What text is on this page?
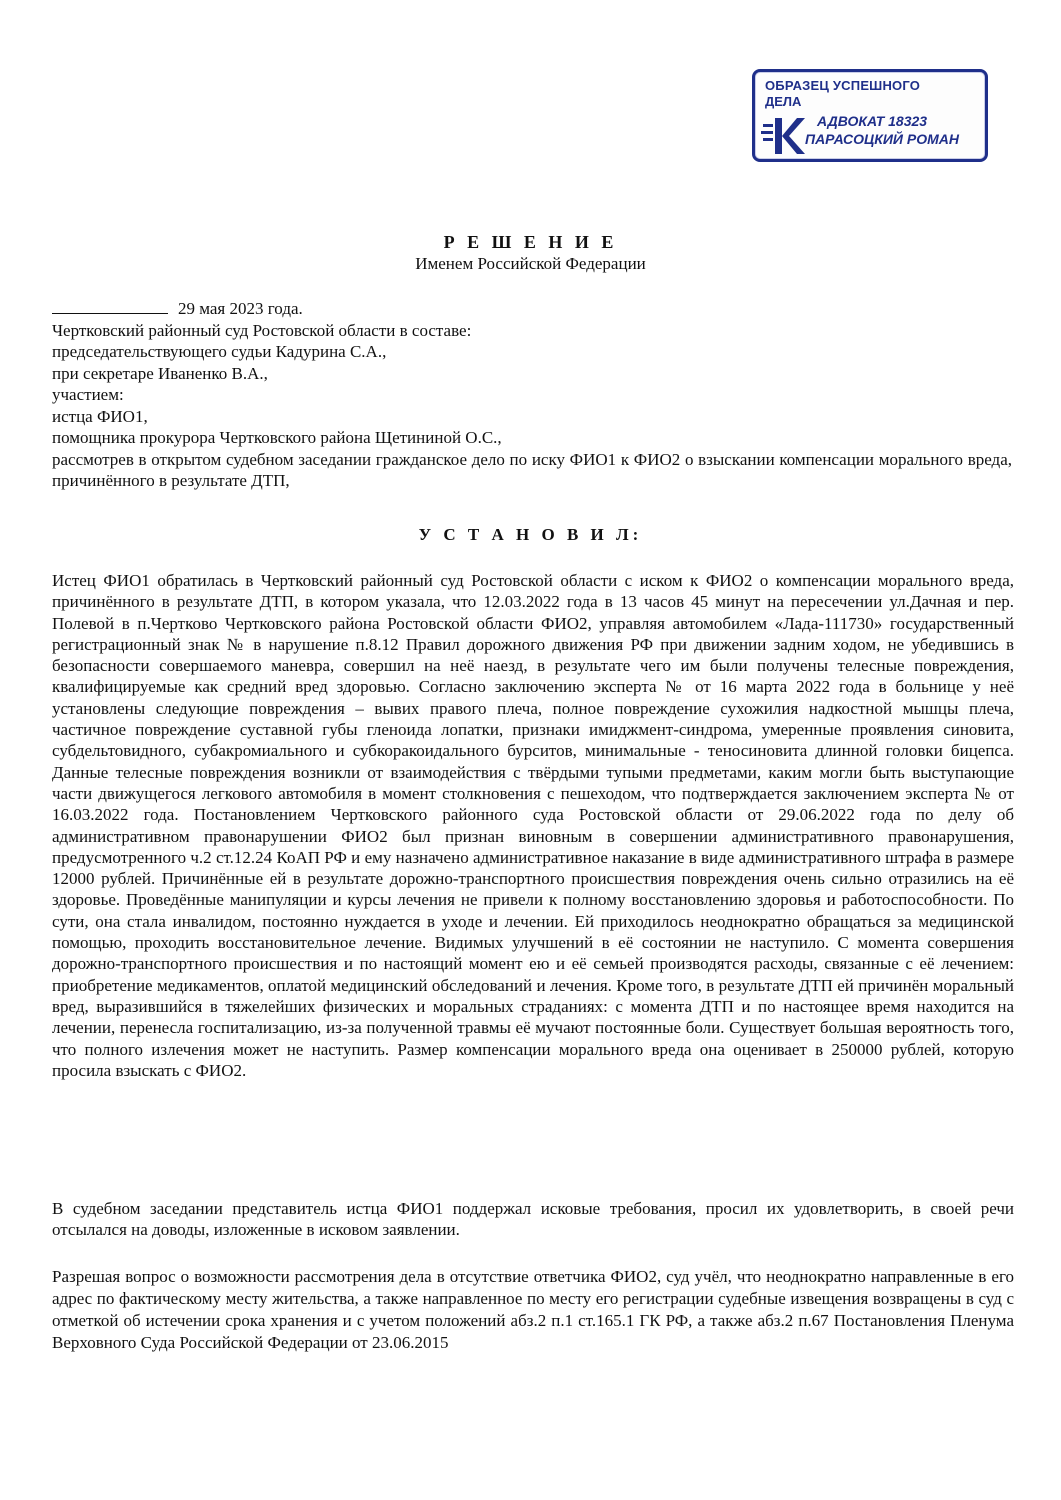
ОБРАЗЕЦ УСПЕШНОГО
ДЕЛА
АДВОКАТ 18323
ПАРАСОЦКИЙ РОМАН
Р Е Ш Е Н И Е
Именем Российской Федерации
29 мая 2023 года.
Чертковский районный суд Ростовской области в составе:
председательствующего судьи Кадурина С.А.,
при секретаре Иваненко В.А.,
участием:
истца ФИО1,
помощника прокурора Чертковского района Щетининой О.С.,
рассмотрев в открытом судебном заседании гражданское дело по иску ФИО1 к ФИО2 о взыскании компенсации морального вреда, причинённого в результате ДТП,
У С Т А Н О В И Л:
Истец ФИО1 обратилась в Чертковский районный суд Ростовской области с иском к ФИО2 о компенсации морального вреда, причинённого в результате ДТП, в котором указала, что 12.03.2022 года в 13 часов 45 минут на пересечении ул.Дачная и пер. Полевой в п.Чертково Чертковского района Ростовской области ФИО2, управляя автомобилем «Лада-111730» государственный регистрационный знак № в нарушение п.8.12 Правил дорожного движения РФ при движении задним ходом, не убедившись в безопасности совершаемого маневра, совершил на неё наезд, в результате чего им были получены телесные повреждения, квалифицируемые как средний вред здоровью. Согласно заключению эксперта № от 16 марта 2022 года в больнице у неё установлены следующие повреждения – вывих правого плеча, полное повреждение сухожилия надкостной мышцы плеча, частичное повреждение суставной губы гленоида лопатки, признаки имиджмент-синдрома, умеренные проявления синовита, субдельтовидного, субакромиального и субкоракоидального бурситов, минимальные - теносиновита длинной головки бицепса. Данные телесные повреждения возникли от взаимодействия с твёрдыми тупыми предметами, каким могли быть выступающие части движущегося легкового автомобиля в момент столкновения с пешеходом, что подтверждается заключением эксперта № от 16.03.2022 года. Постановлением Чертковского районного суда Ростовской области от 29.06.2022 года по делу об административном правонарушении ФИО2 был признан виновным в совершении административного правонарушения, предусмотренного ч.2 ст.12.24 КоАП РФ и ему назначено административное наказание в виде административного штрафа в размере 12000 рублей. Причинённые ей в результате дорожно-транспортного происшествия повреждения очень сильно отразились на её здоровье. Проведённые манипуляции и курсы лечения не привели к полному восстановлению здоровья и работоспособности. По сути, она стала инвалидом, постоянно нуждается в уходе и лечении. Ей приходилось неоднократно обращаться за медицинской помощью, проходить восстановительное лечение. Видимых улучшений в её состоянии не наступило. С момента совершения дорожно-транспортного происшествия и по настоящий момент ею и её семьей производятся расходы, связанные с её лечением: приобретение медикаментов, оплатой медицинский обследований и лечения. Кроме того, в результате ДТП ей причинён моральный вред, выразившийся в тяжелейших физических и моральных страданиях: с момента ДТП и по настоящее время находится на лечении, перенесла госпитализацию, из-за полученной травмы её мучают постоянные боли. Существует большая вероятность того, что полного излечения может не наступить. Размер компенсации морального вреда она оценивает в 250000 рублей, которую просила взыскать с ФИО2.
В судебном заседании представитель истца ФИО1 поддержал исковые требования, просил их удовлетворить, в своей речи отсылался на доводы, изложенные в исковом заявлении.
Разрешая вопрос о возможности рассмотрения дела в отсутствие ответчика ФИО2, суд учёл, что неоднократно направленные в его адрес по фактическому месту жительства, а также направленное по месту его регистрации судебные извещения возвращены в суд с отметкой об истечении срока хранения и с учетом положений абз.2 п.1 ст.165.1 ГК РФ, а также абз.2 п.67 Постановления Пленума Верховного Суда Российской Федерации от 23.06.2015
